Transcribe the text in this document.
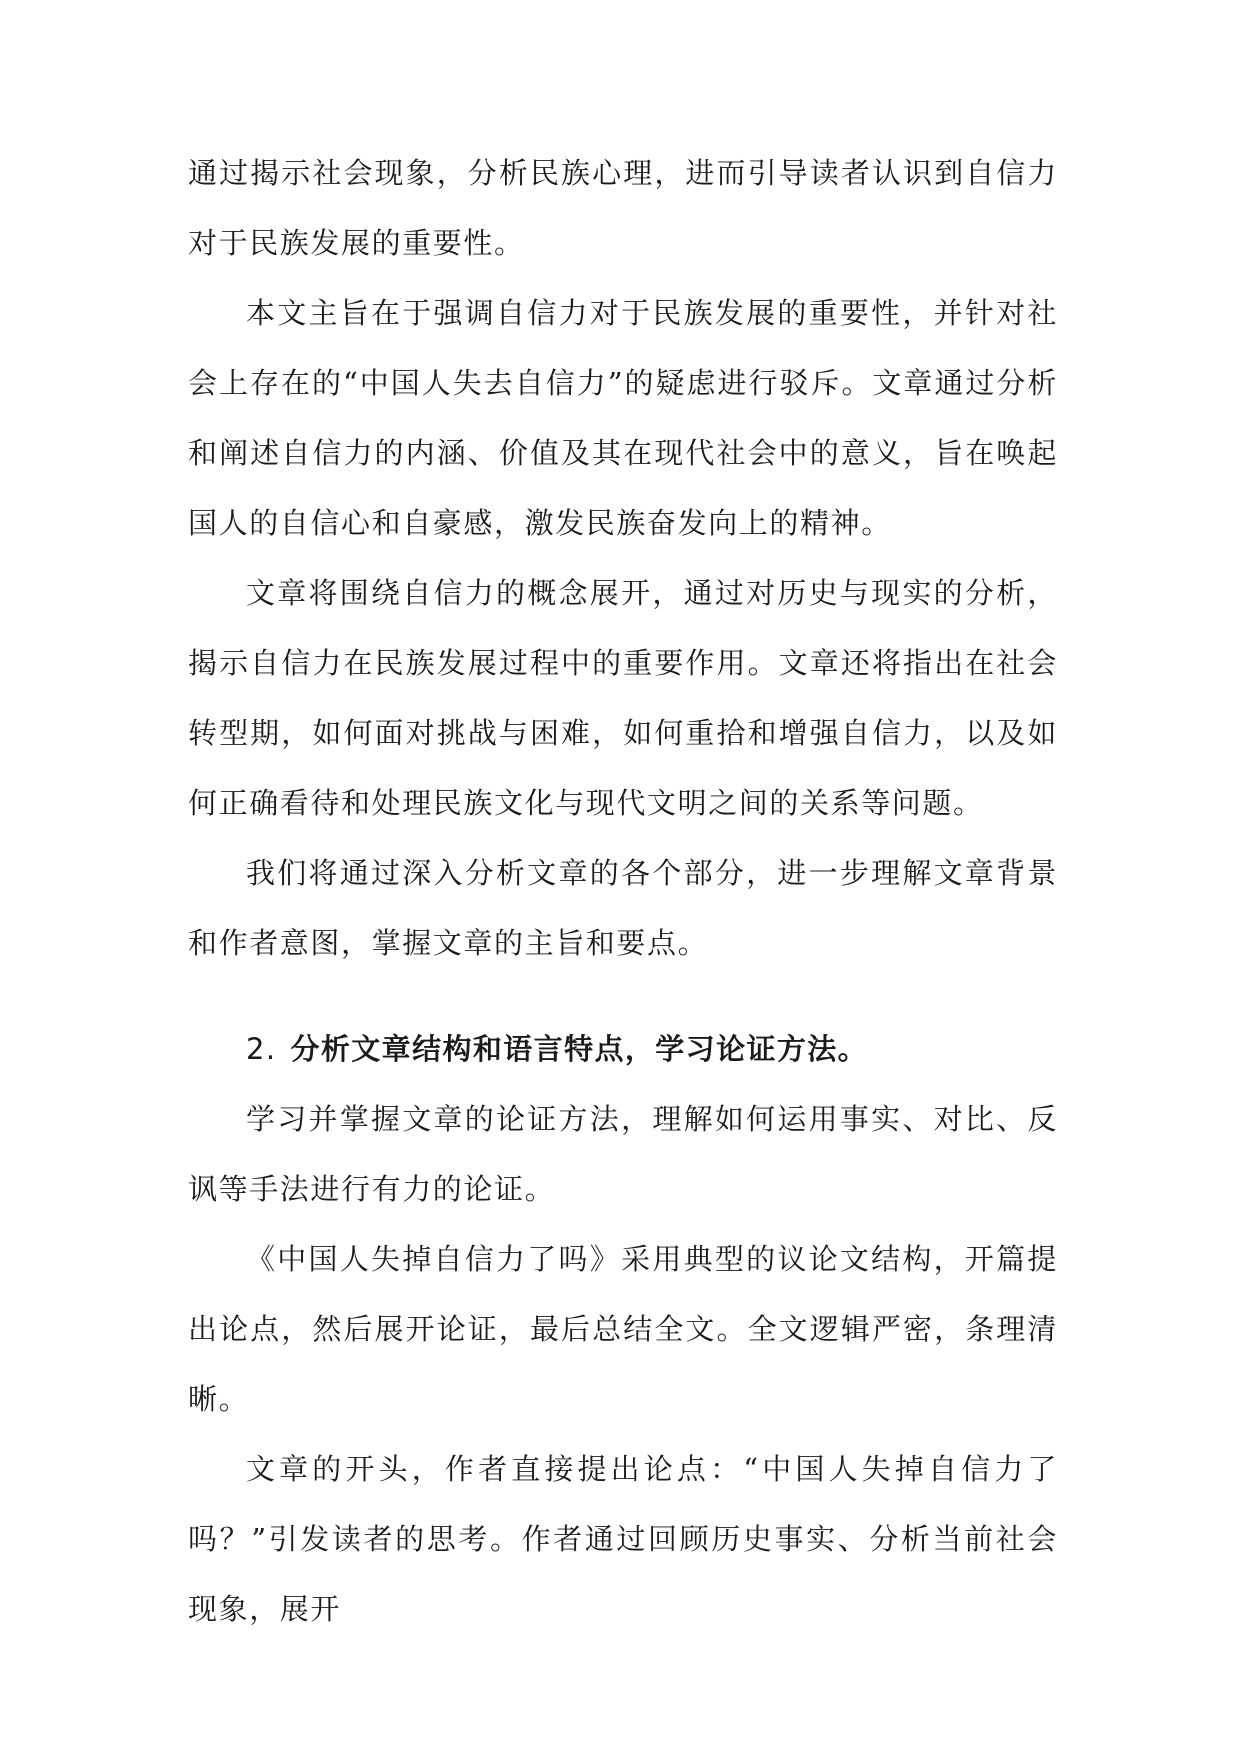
通过揭示社会现象，分析民族心理，进而引导读者认识到自信力对于民族发展的重要性。

本文主旨在于强调自信力对于民族发展的重要性，并针对社会上存在的“中国人失去自信力”的疑虑进行驳斥。文章通过分析和阐述自信力的内涵、价值及其在现代社会中的意义，旨在唤起国人的自信心和自豪感，激发民族奋发向上的精神。

文章将围绕自信力的概念展开，通过对历史与现实的分析，揭示自信力在民族发展过程中的重要作用。文章还将指出在社会转型期，如何面对挑战与困难，如何重拾和增强自信力，以及如何正确看待和处理民族文化与现代文明之间的关系等问题。

我们将通过深入分析文章的各个部分，进一步理解文章背景和作者意图，掌握文章的主旨和要点。

2. 分析文章结构和语言特点，学习论证方法。

学习并掌握文章的论证方法，理解如何运用事实、对比、反讽等手法进行有力的论证。

《中国人失掉自信力了吗》采用典型的议论文结构，开篇提出论点，然后展开论证，最后总结全文。全文逻辑严密，条理清晰。

文章的开头，作者直接提出论点：“中国人失掉自信力了吗？”引发读者的思考。作者通过回顾历史事实、分析当前社会现象，展开
